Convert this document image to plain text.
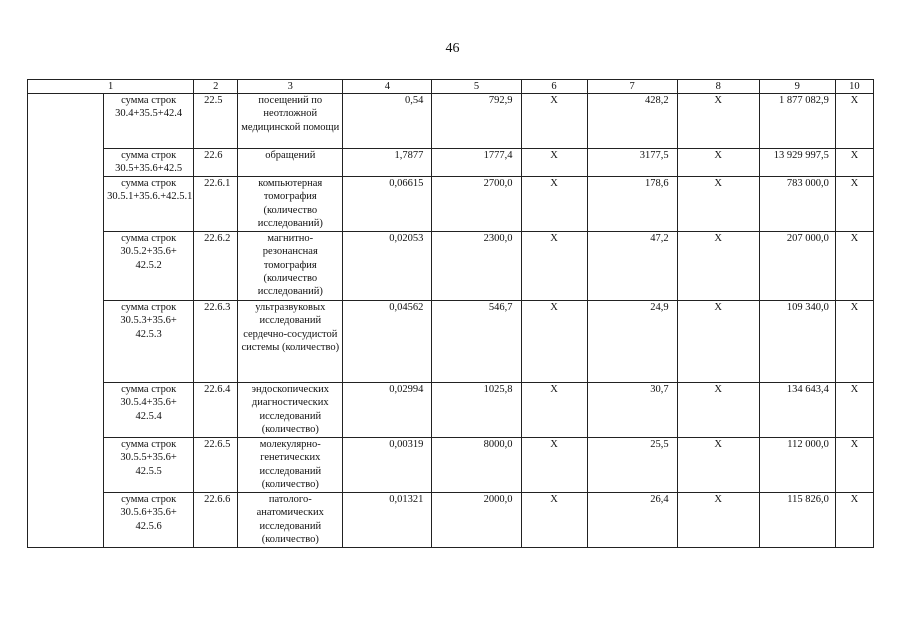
46
1		2	3	4	5	6	7	8	9	10
	сумма строк 30.4+35.5+42.4	22.5	посещений по неотложной медицинской помощи	0,54	792,9	X	428,2	X	1 877 082,9	X
	сумма строк 30.5+35.6+42.5	22.6	обращений	1,7877	1777,4	X	3177,5	X	13 929 997,5	X
	сумма строк 30.5.1+35.6.+42.5.1	22.6.1	компьютерная томография (количество исследований)	0,06615	2700,0	X	178,6	X	783 000,0	X
	сумма строк 30.5.2+35.6+ 42.5.2	22.6.2	магнитно-резонансная томография (количество исследований)	0,02053	2300,0	X	47,2	X	207 000,0	X
	сумма строк 30.5.3+35.6+ 42.5.3	22.6.3	ультразвуковых исследований сердечно-сосудистой системы (количество)	0,04562	546,7	X	24,9	X	109 340,0	X
	сумма строк 30.5.4+35.6+ 42.5.4	22.6.4	эндоскопических диагностических исследований (количество)	0,02994	1025,8	X	30,7	X	134 643,4	X
	сумма строк 30.5.5+35.6+ 42.5.5	22.6.5	молекулярно-генетических исследований (количество)	0,00319	8000,0	X	25,5	X	112 000,0	X
	сумма строк 30.5.6+35.6+ 42.5.6	22.6.6	патолого-анатомических исследований (количество)	0,01321	2000,0	X	26,4	X	115 826,0	X
